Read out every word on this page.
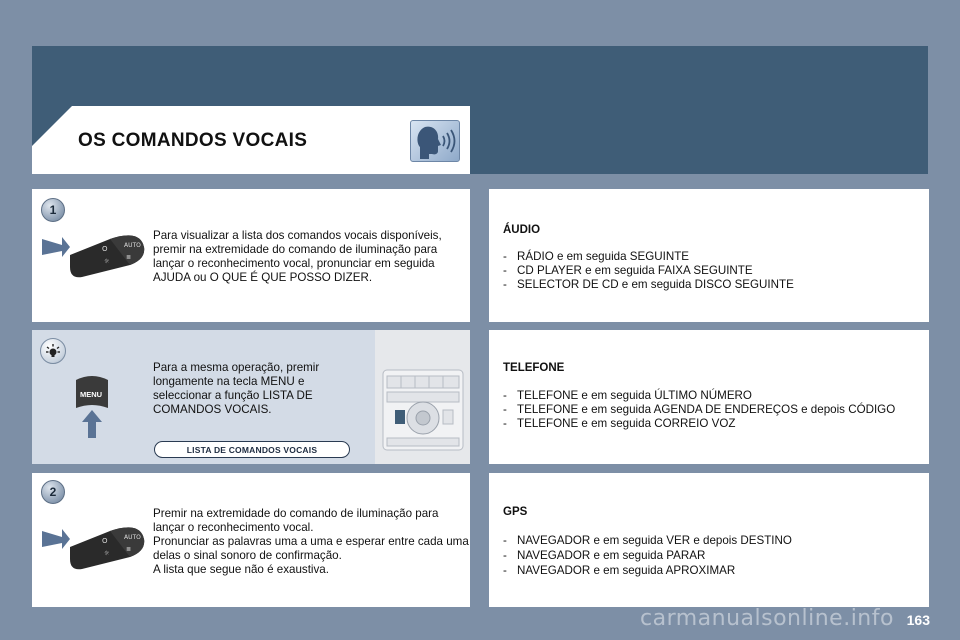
OS COMANDOS VOCAIS
1
O	AUTO
☼
≣
Para visualizar a lista dos comandos vocais disponíveis, premir na extremidade do comando de iluminação para lançar o reconhecimento vocal, pronunciar em seguida AJUDA ou O QUE É QUE POSSO DIZER.
MENU
Para a mesma operação, premir longamente na tecla MENU e seleccionar a função LISTA DE COMANDOS VOCAIS.
LISTA DE COMANDOS VOCAIS
2
O	AUTO
☼
≣
Premir na extremidade do comando de iluminação para lançar o reconhecimento vocal.
Pronunciar as palavras uma a uma e esperar entre cada uma delas o sinal sonoro de confirmação.
A lista que segue não é exaustiva.
ÁUDIO
- RÁDIO e em seguida SEGUINTE
- CD PLAYER e em seguida FAIXA SEGUINTE
- SELECTOR DE CD e em seguida DISCO SEGUINTE
TELEFONE
- TELEFONE e em seguida ÚLTIMO NÚMERO
- TELEFONE e em seguida AGENDA DE ENDEREÇOS e depois CÓDIGO
- TELEFONE e em seguida CORREIO VOZ
GPS
- NAVEGADOR e em seguida VER e depois DESTINO
- NAVEGADOR e em seguida PARAR
- NAVEGADOR e em seguida APROXIMAR
carmanualsonline.info 163
